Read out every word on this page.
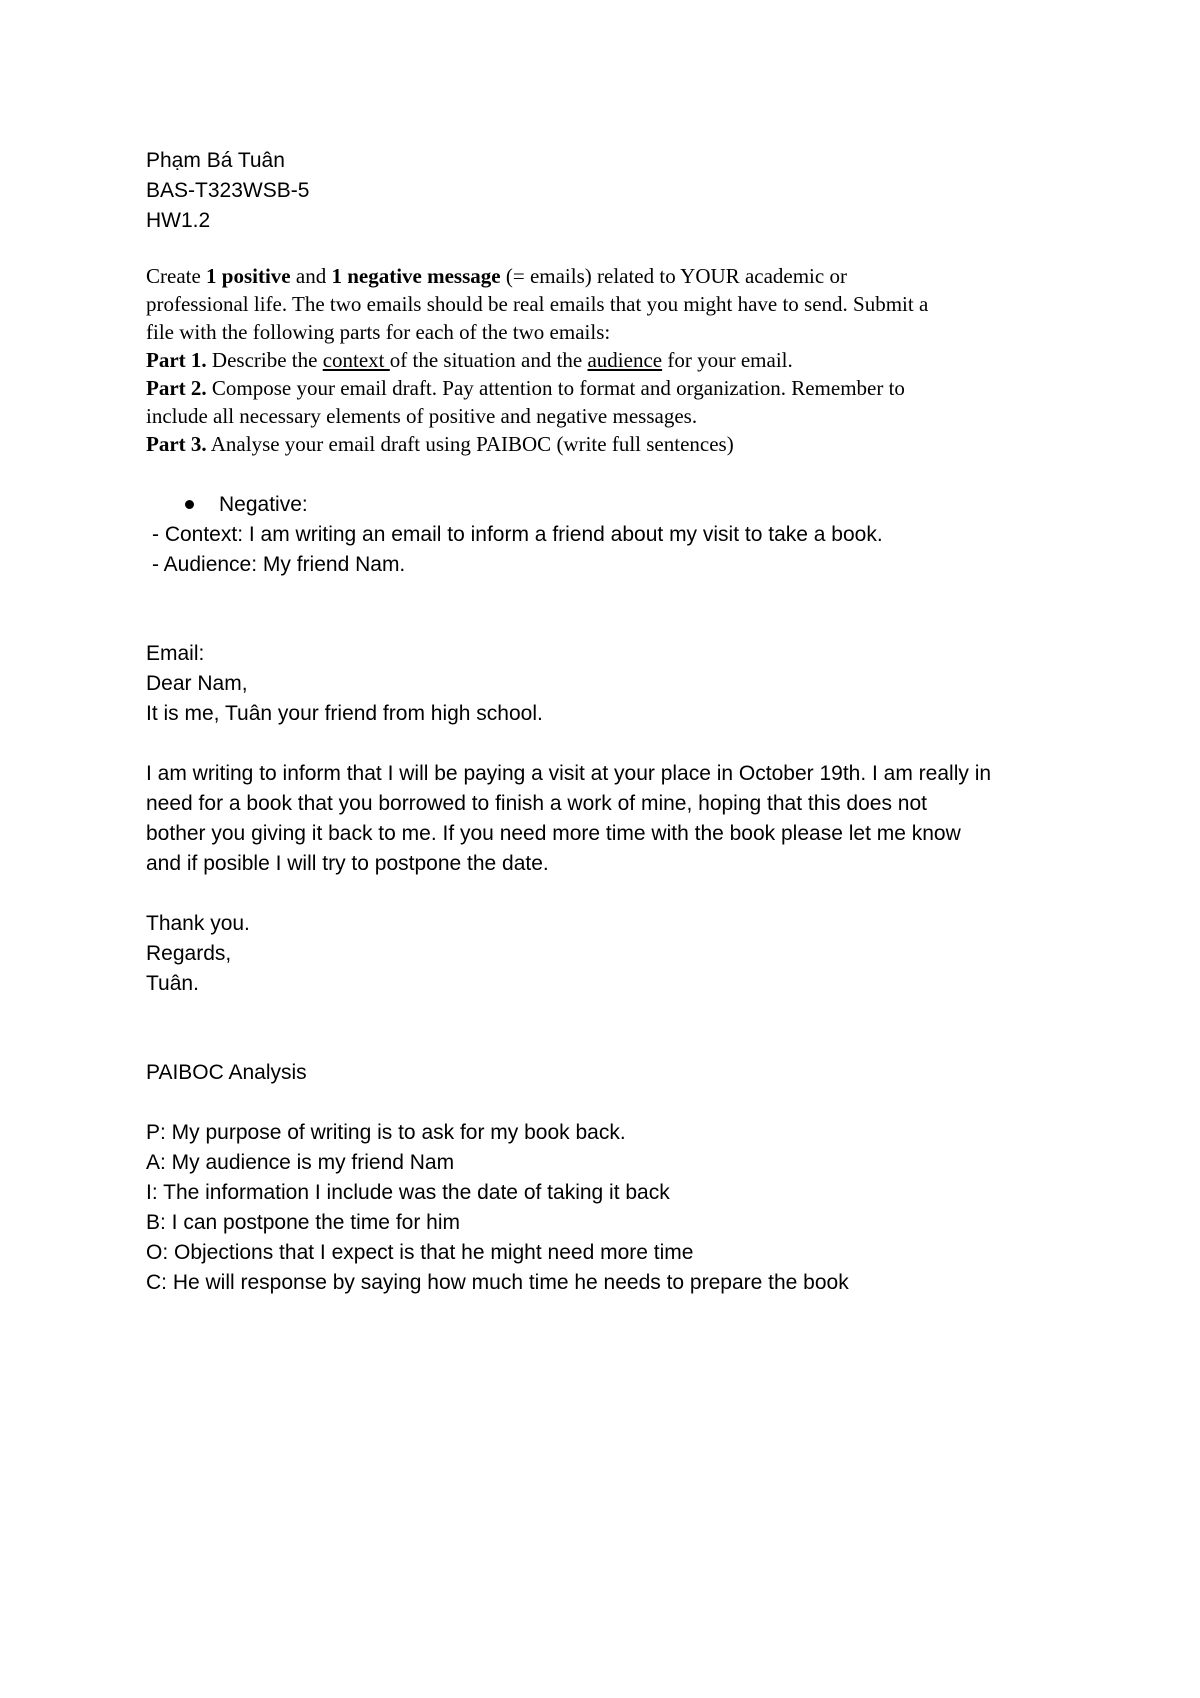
Phạm Bá Tuân

BAS-T323WSB-5

HW1.2

Create 1 positive and 1 negative message (= emails) related to YOUR academic or

professional life. The two emails should be real emails that you might have to send. Submit a

file with the following parts for each of the two emails:

Part 1. Describe the context of the situation and the audience for your email.

Part 2. Compose your email draft. Pay attention to format and organization. Remember to

include all necessary elements of positive and negative messages.

Part 3. Analyse your email draft using PAIBOC (write full sentences)

Negative:

- Context: I am writing an email to inform a friend about my visit to take a book.

- Audience: My friend Nam.

Email:

Dear Nam,

It is me, Tuân your friend from high school.

I am writing to inform that I will be paying a visit at your place in October 19th. I am really in

need for a book that you borrowed to finish a work of mine, hoping that this does not

bother you giving it back to me. If you need more time with the book please let me know

and if posible I will try to postpone the date.

Thank you.

Regards,

Tuân.

PAIBOC Analysis

P: My purpose of writing is to ask for my book back.

A: My audience is my friend Nam

I: The information I include was the date of taking it back

B: I can postpone the time for him

O: Objections that I expect is that he might need more time

C: He will response by saying how much time he needs to prepare the book
